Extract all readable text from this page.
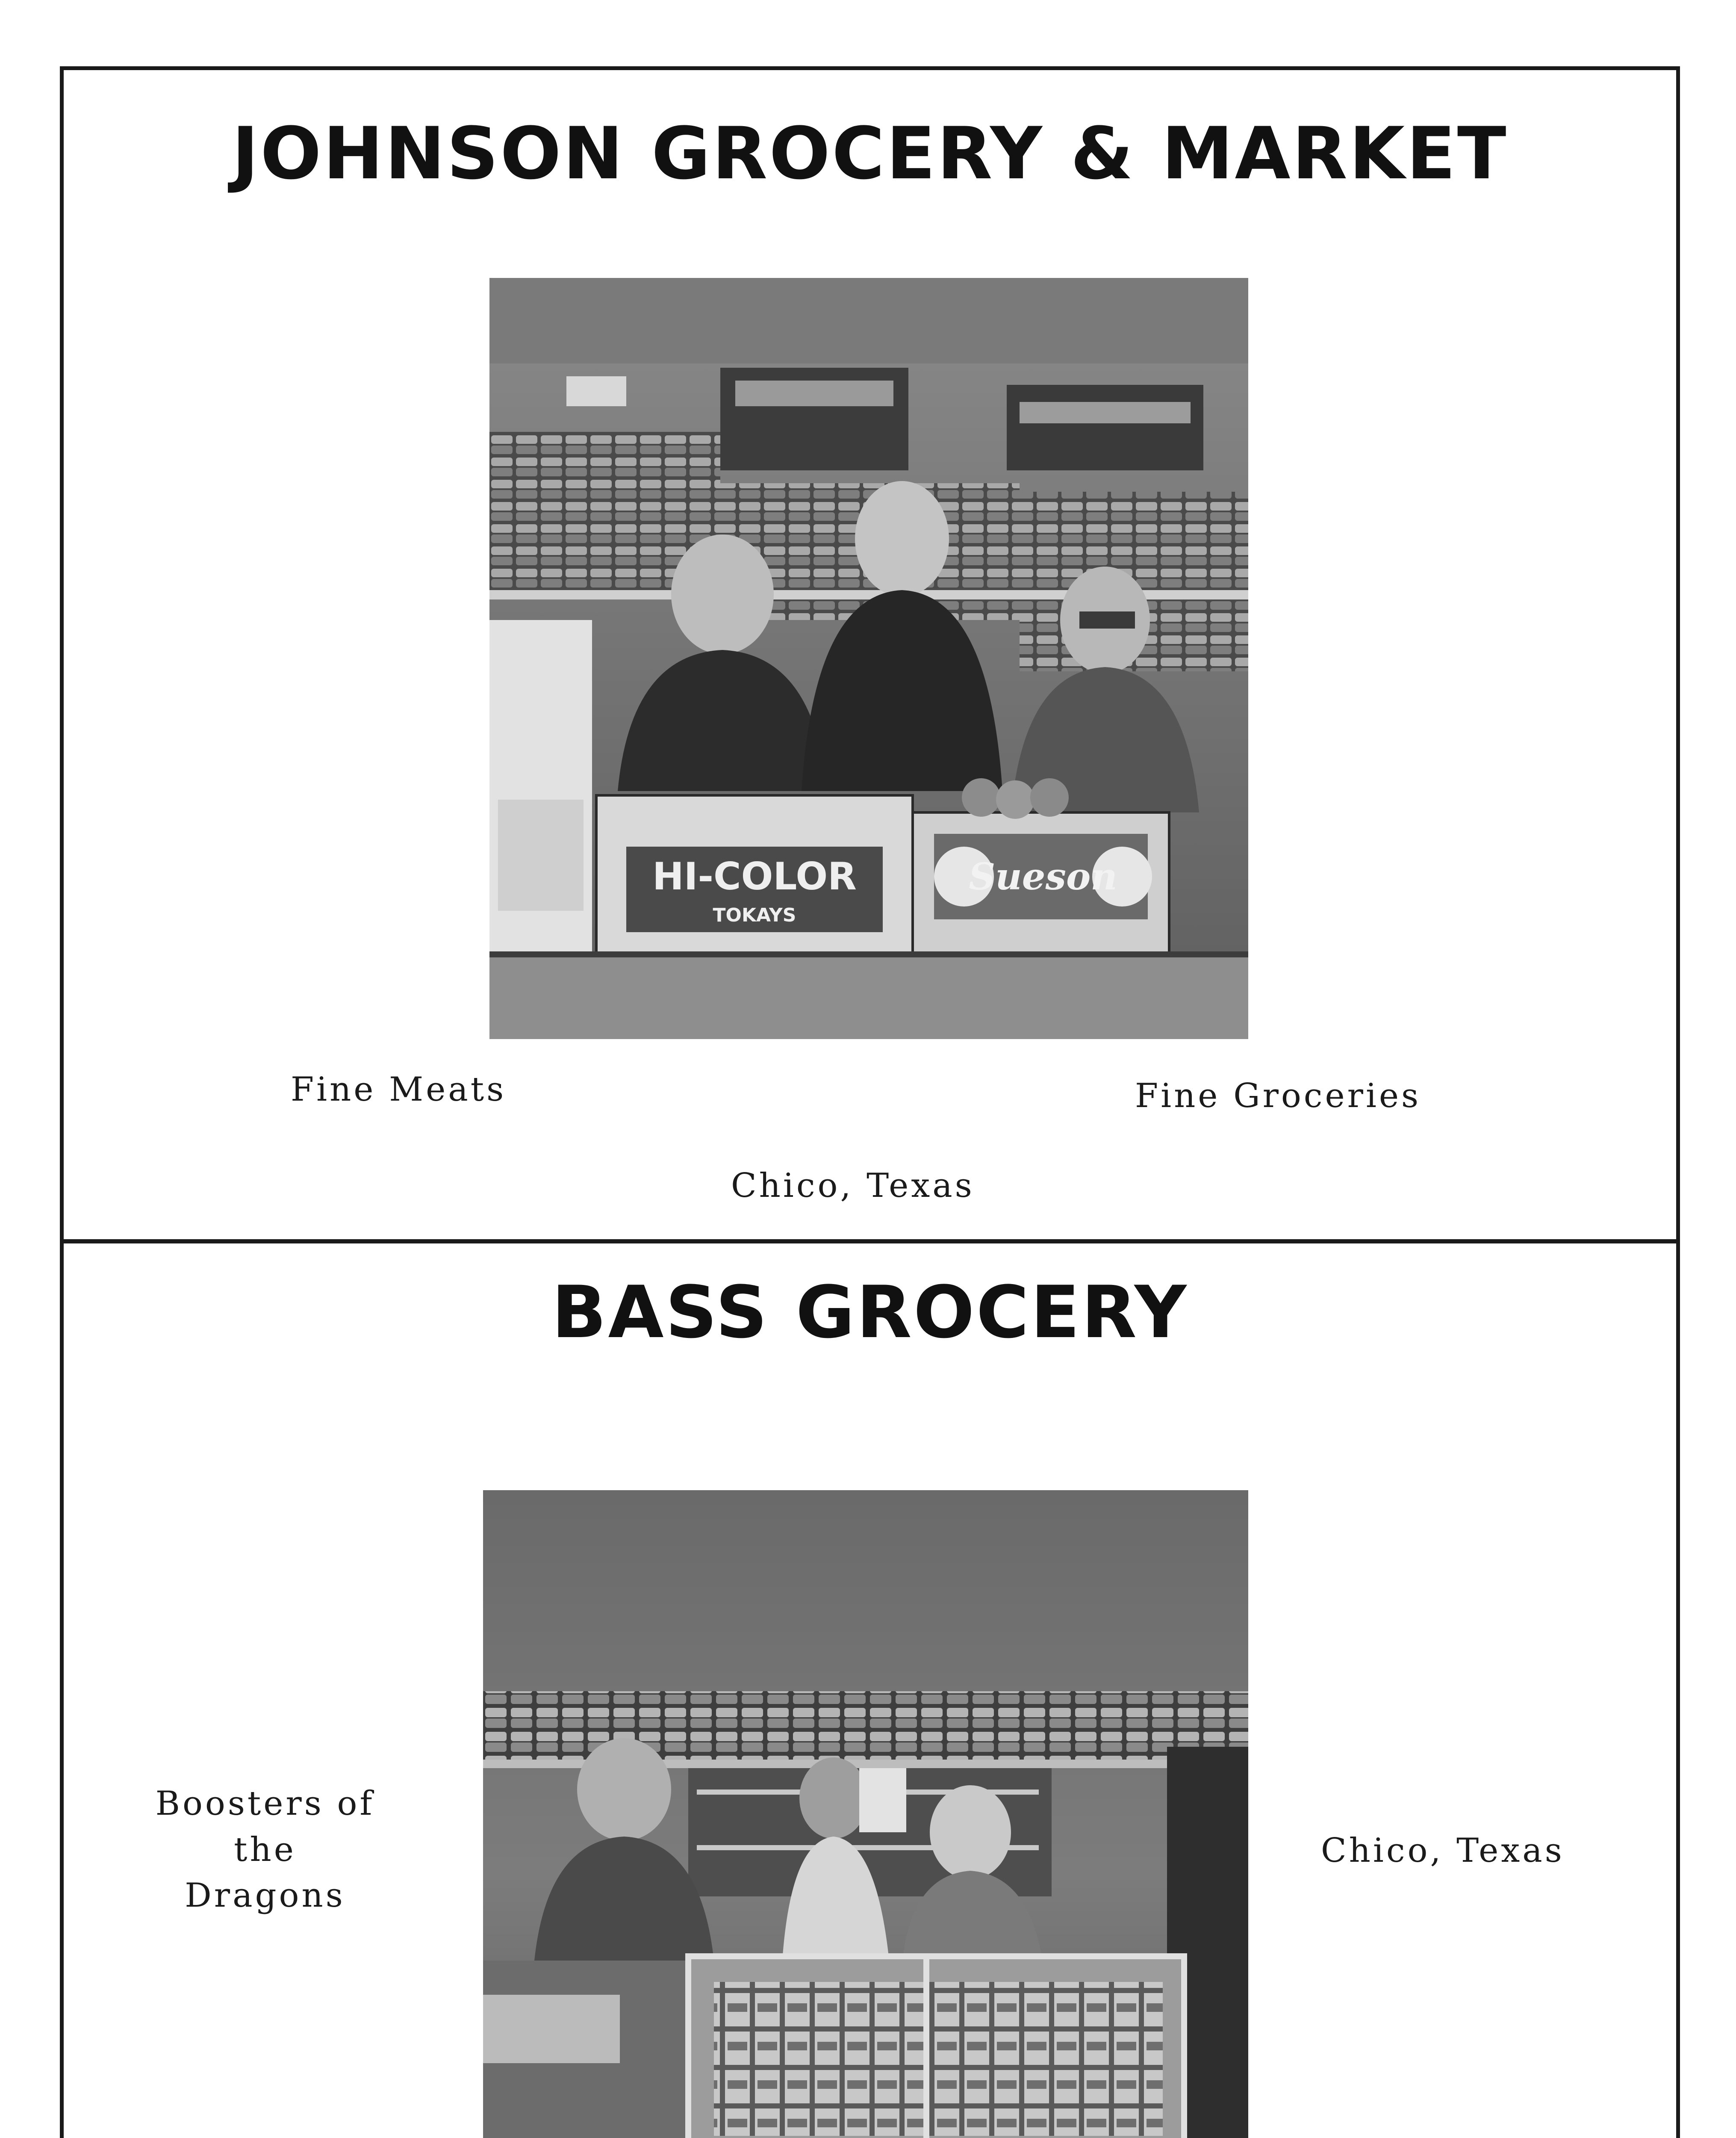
JOHNSON GROCERY & MARKET
HI-COLOR
TOKAYS
Sueson
Fine Meats	Fine Groceries
Chico, Texas
BASS GROCERY
Boosters of
the
Dragons
Chico, Texas
